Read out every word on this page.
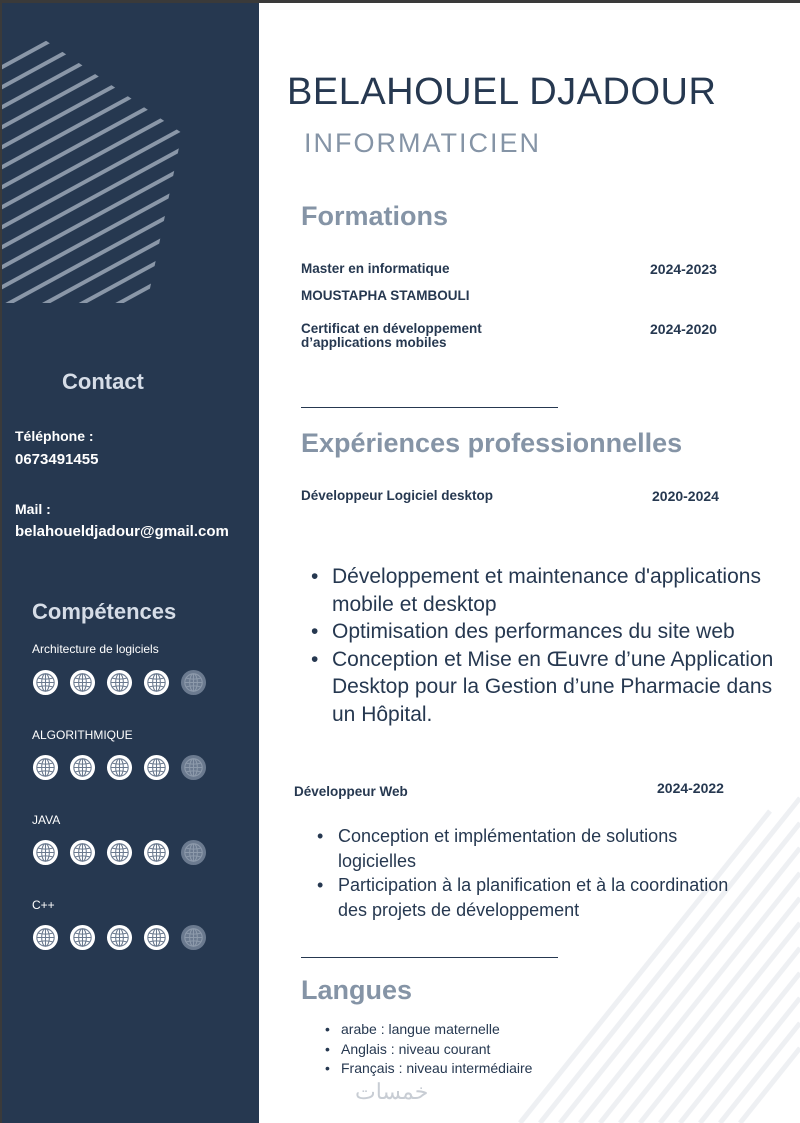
Contact
Téléphone :
0673491455
Mail :
belahoueldjadour@gmail.com
Compétences
Architecture de logiciels
ALGORITHMIQUE
JAVA
C++
BELAHOUEL DJADOUR
INFORMATICIEN
Formations
Master en informatique	2024-2023
MOUSTAPHA STAMBOULI
Certificat en développement
d’applications mobiles
2024-2020
Expériences professionnelles
Développeur Logiciel desktop	2020-2024
• Développement et maintenance d'applications mobile et desktop
• Optimisation des performances du site web
• Conception et Mise en Œuvre d’une Application Desktop pour la Gestion d’une Pharmacie dans un Hôpital.
Développeur Web	2024-2022
• Conception et implémentation de solutions logicielles
• Participation à la planification et à la coordination des projets de développement
Langues
• arabe : langue maternelle
• Anglais : niveau courant
• Français : niveau intermédiaire
خمسات
